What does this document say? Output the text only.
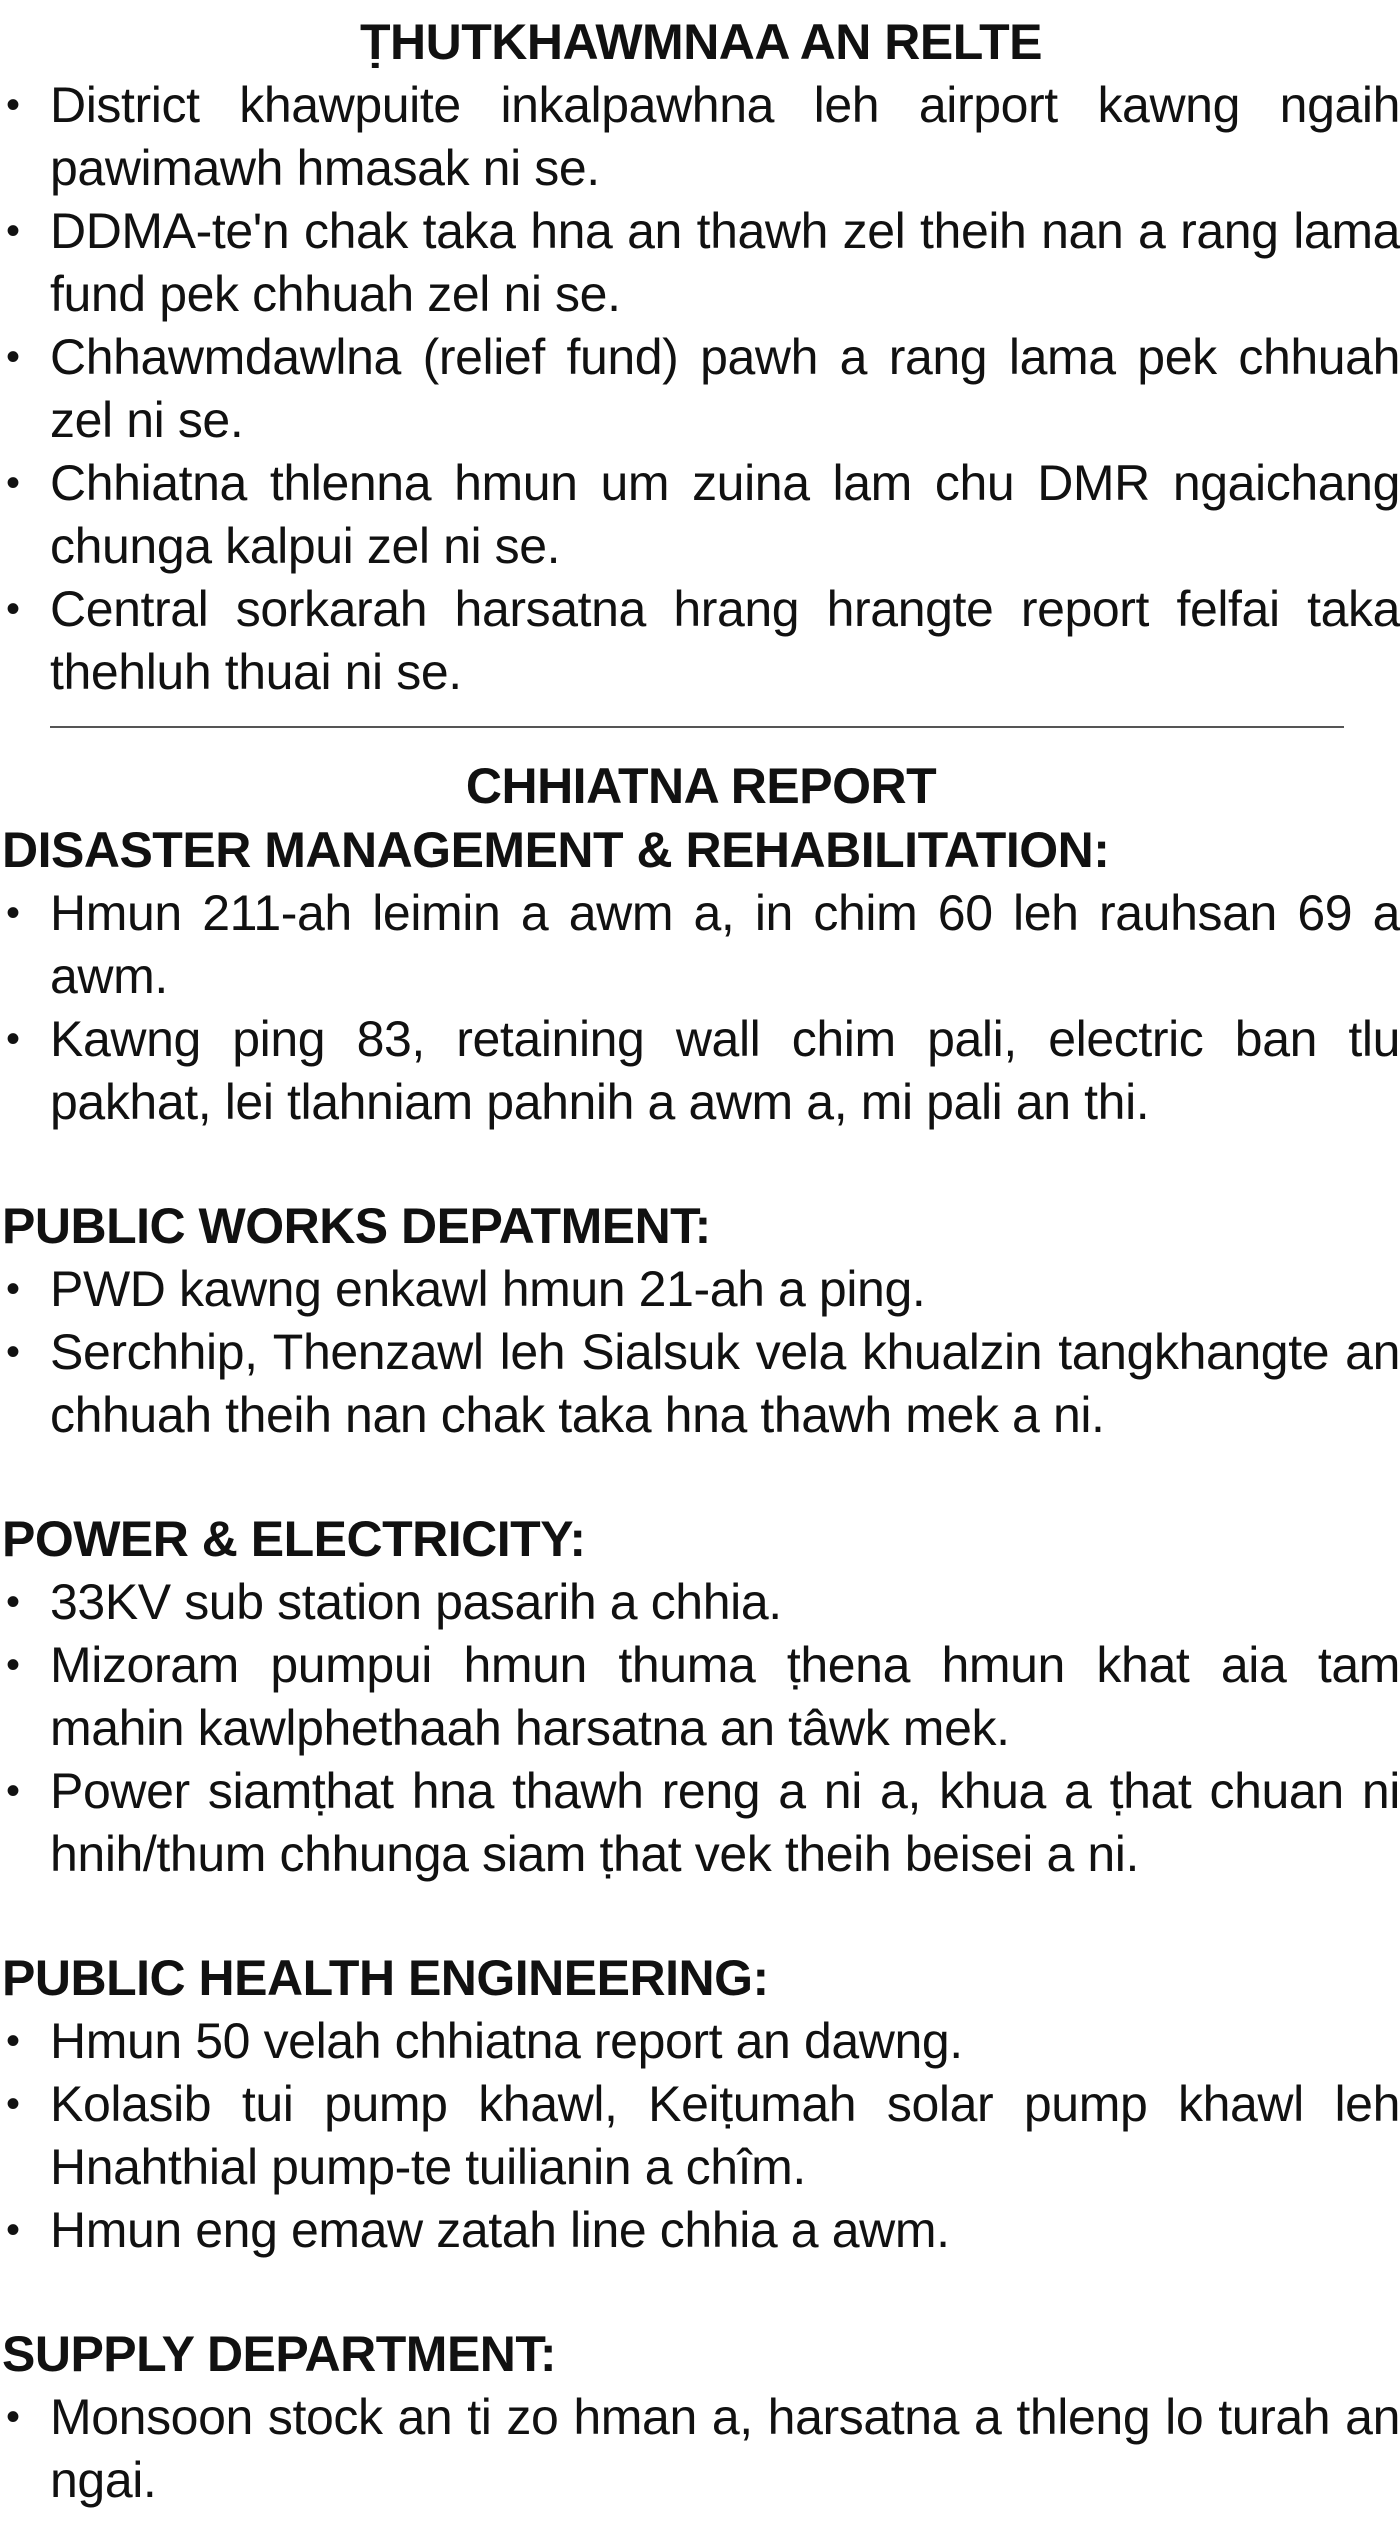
ṬHUTKHAWMNAA AN RELTE
• District khawpuite inkalpawhna leh airport kawng ngaih pawimawh hmasak ni se.
• DDMA-te'n chak taka hna an thawh zel theih nan a rang lama fund pek chhuah zel ni se.
• Chhawmdawlna (relief fund) pawh a rang lama pek chhuah zel ni se.
• Chhiatna thlenna hmun um zuina lam chu DMR ngaichang chunga kalpui zel ni se.
• Central sorkarah harsatna hrang hrangte report felfai taka thehluh thuai ni se.
CHHIATNA REPORT
DISASTER MANAGEMENT & REHABILITATION:
• Hmun 211-ah leimin a awm a, in chim 60 leh rauhsan 69 a awm.
• Kawng ping 83, retaining wall chim pali, electric ban tlu pakhat, lei tlahniam pahnih a awm a, mi pali an thi.
PUBLIC WORKS DEPATMENT:
• PWD kawng enkawl hmun 21-ah a ping.
• Serchhip, Thenzawl leh Sialsuk vela khualzin tangkhangte an chhuah theih nan chak taka hna thawh mek a ni.
POWER & ELECTRICITY:
• 33KV sub station pasarih a chhia.
• Mizoram pumpui hmun thuma ṭhena hmun khat aia tam mahin kawlphethaah harsatna an tâwk mek.
• Power siamṭhat hna thawh reng a ni a, khua a ṭhat chuan ni hnih/thum chhunga siam ṭhat vek theih beisei a ni.
PUBLIC HEALTH ENGINEERING:
• Hmun 50 velah chhiatna report an dawng.
• Kolasib tui pump khawl, Keiṭumah solar pump khawl leh Hnahthial pump-te tuilianin a chîm.
• Hmun eng emaw zatah line chhia a awm.
SUPPLY DEPARTMENT:
• Monsoon stock an ti zo hman a, harsatna a thleng lo turah an ngai.
